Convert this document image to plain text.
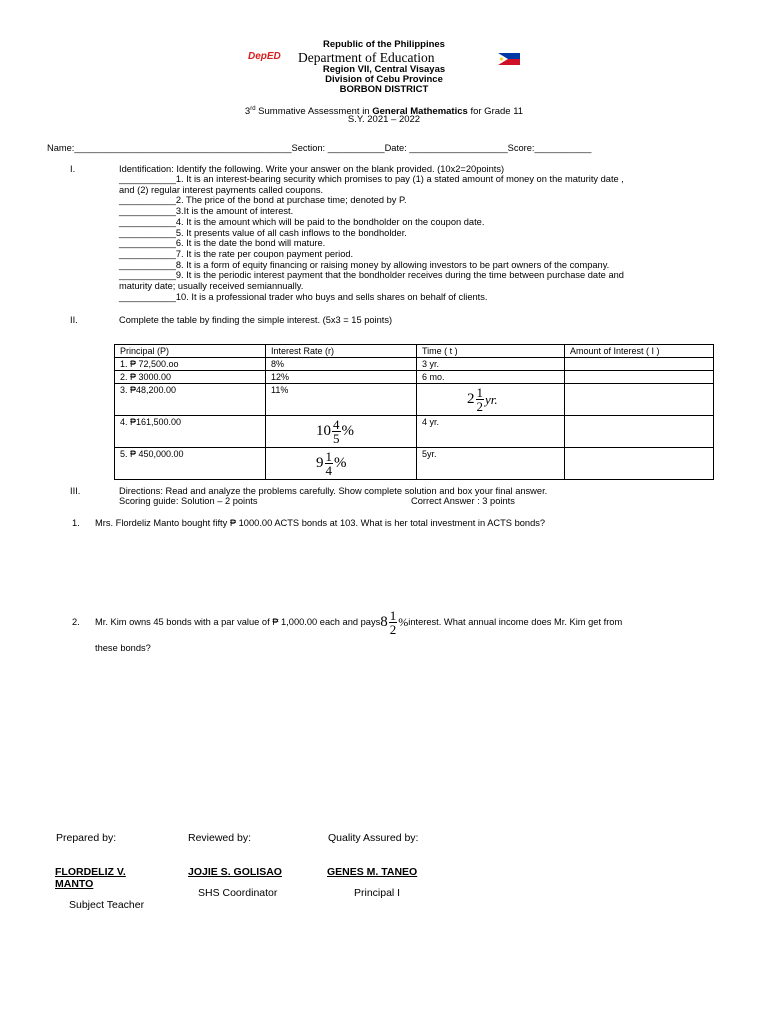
Republic of the Philippines
DepED Department of Education
Region VII, Central Visayas
Division of Cebu Province
BORBON DISTRICT
3rd Summative Assessment in General Mathematics for Grade 11
S.Y. 2021 – 2022
Name:__________________________________________Section: ___________Date: ___________________Score:___________
I.	Identification: Identify the following. Write your answer on the blank provided. (10x2=20points)
___________1. It is an interest-bearing security which promises to pay (1) a stated amount of money on the maturity date ,
and (2) regular interest payments called coupons.
___________2. The price of the bond at purchase time; denoted by P.
___________3.It is the amount of interest.
___________4. It is the amount which will be paid to the bondholder on the coupon date.
___________5. It presents value of all cash inflows to the bondholder.
___________6. It is the date the bond will mature.
___________7. It is the rate per coupon payment period.
___________8. It is a form of equity financing or raising money by allowing investors to be part owners of the company.
___________9. It is the periodic interest payment that the bondholder receives during the time between purchase date and
maturity date; usually received semiannually.
___________10. It is a professional trader who buys and sells shares on behalf of clients.
II.	Complete the table by finding the simple interest. (5x3 = 15 points)
Principal (P)	Interest Rate (r)	Time ( t )	Amount of Interest ( I )
1. ₱ 72,500.oo	8%	3 yr.	
2. ₱ 3000.00	12%	6 mo.	
3. ₱48,200.00	11%	$2 \frac{1}{2}$ yr.	

4. ₱161,500.00	$10 \frac{4}{5}$ %	4 yr.	
5. ₱ 450,000.00	$9 \frac{1}{4}$ %	5yr.	
III.	Directions: Read and analyze the problems carefully. Show complete solution and box your final answer.
Scoring guide: Solution – 2 points	Correct Answer : 3 points
1. Mrs. Flordeliz Manto bought fifty ₱ 1000.00 ACTS bonds at 103. What is her total investment in ACTS bonds?
2. Mr. Kim owns 45 bonds with a par value of ₱ 1,000.00 each and pays $8 \frac{1}{2}$ % interest. What annual income does Mr. Kim get from
these bonds?
Prepared by:	Reviewed by:	Quality Assured by:
FLORDELIZ V.
MANTO
Subject Teacher
JOJIE S. GOLISAO
SHS Coordinator
GENES M. TANEO
Principal I
